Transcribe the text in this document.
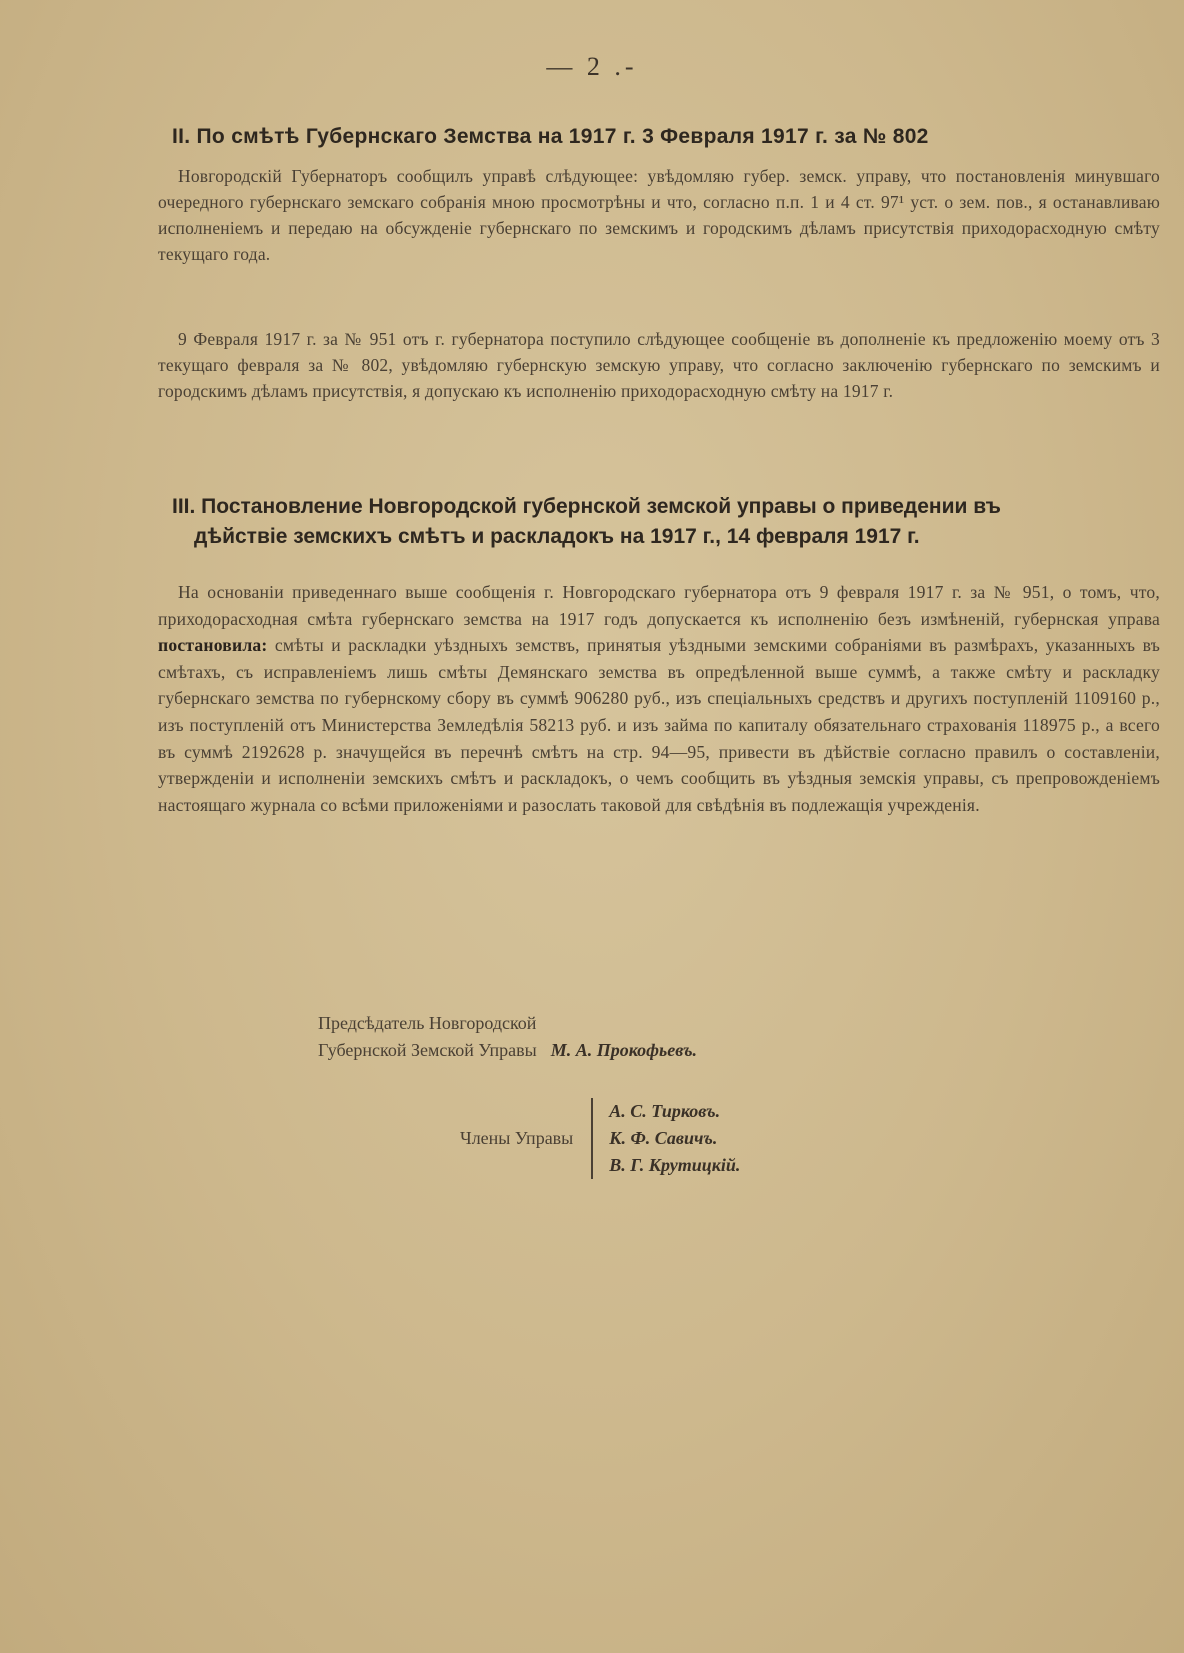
— 2 .-
II. По смѣтѣ Губернскаго Земства на 1917 г. 3 Февраля 1917 г. за № 802
Новгородскій Губернаторъ сообщилъ управѣ слѣдующее: увѣдомляю губер. земск. управу, что постановленія минувшаго очередного губернскаго земскаго собранія мною просмотрѣны и что, согласно п.п. 1 и 4 ст. 97¹ уст. о зем. пов., я останавливаю исполненіемъ и передаю на обсужденіе губернскаго по земскимъ и городскимъ дѣламъ присутствія приходорасходную смѣту текущаго года.
9 Февраля 1917 г. за № 951 отъ г. губернатора поступило слѣдующее сообщеніе въ дополненіе къ предложенію моему отъ 3 текущаго февраля за № 802, увѣдомляю губернскую земскую управу, что согласно заключенію губернскаго по земскимъ и городскимъ дѣламъ присутствія, я допускаю къ исполненію приходорасходную смѣту на 1917 г.
III. Постановление Новгородской губернской земской управы о приведении въ
дѣйствіе земскихъ смѣтъ и раскладокъ на 1917 г., 14 февраля 1917 г.
На основаніи приведеннаго выше сообщенія г. Новгородскаго губернатора отъ 9 февраля 1917 г. за № 951, о томъ, что, приходорасходная смѣта губернскаго земства на 1917 годъ допускается къ исполненію безъ измѣненій, губернская управа постановила: смѣты и раскладки уѣздныхъ земствъ, принятыя уѣздными земскими собраніями въ размѣрахъ, указанныхъ въ смѣтахъ, съ исправленіемъ лишь смѣты Демянскаго земства въ опредѣленной выше суммѣ, а также смѣту и раскладку губернскаго земства по губернскому сбору въ суммѣ 906280 руб., изъ спеціальныхъ средствъ и другихъ поступленій 1109160 р., изъ поступленій отъ Министерства Земледѣлія 58213 руб. и изъ займа по капиталу обязательнаго страхованія 118975 р., а всего въ суммѣ 2192628 р. значущейся въ перечнѣ смѣтъ на стр. 94—95, привести въ дѣйствіе согласно правилъ о составленіи, утвержденіи и исполненіи земскихъ смѣтъ и раскладокъ, о чемъ сообщить въ уѣздныя земскія управы, съ препровожденіемъ настоящаго журнала со всѣми приложеніями и разослать таковой для свѣдѣнія въ подлежащія учрежденія.
Предсѣдатель Новгородской
Губернской Земской Управы М. А. Прокофьевъ.
Члены Управы
А. С. Тирковъ.
К. Ф. Савичъ.
В. Г. Крутицкій.
